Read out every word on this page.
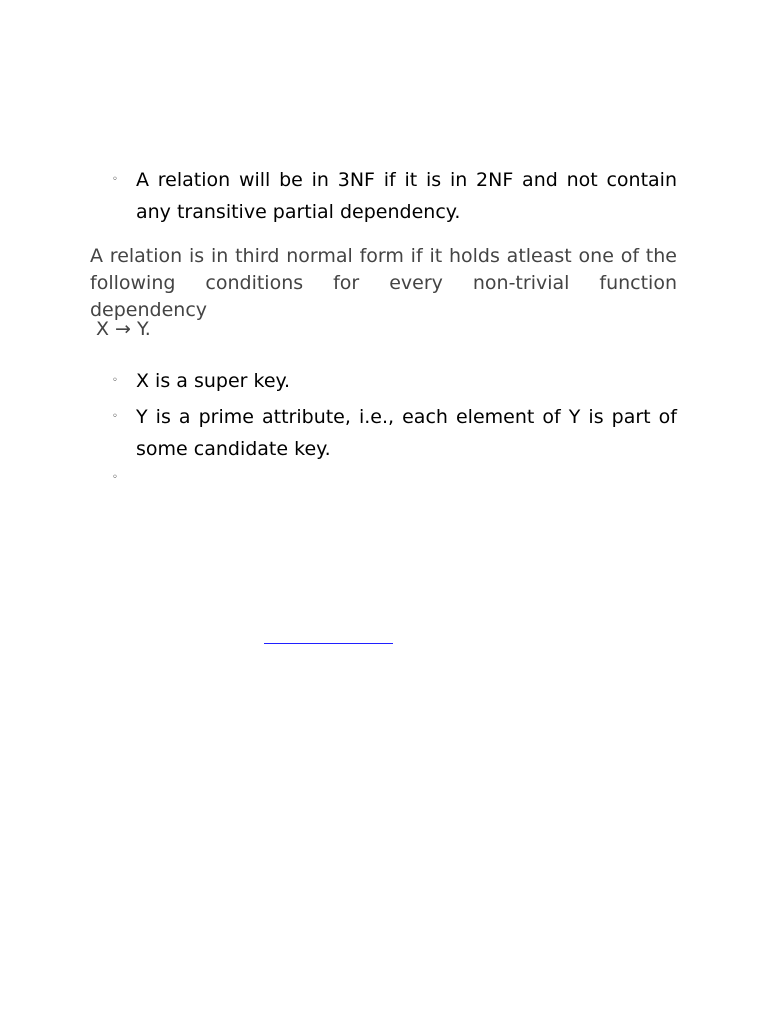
◦ A relation will be in 3NF if it is in 2NF and not contain any transitive partial dependency.

A relation is in third normal form if it holds atleast one of the following conditions for every non-trivial function dependency

X → Y.
◦ X is a super key.
◦ Y is a prime attribute, i.e., each element of Y is part of some candidate key.
◦
